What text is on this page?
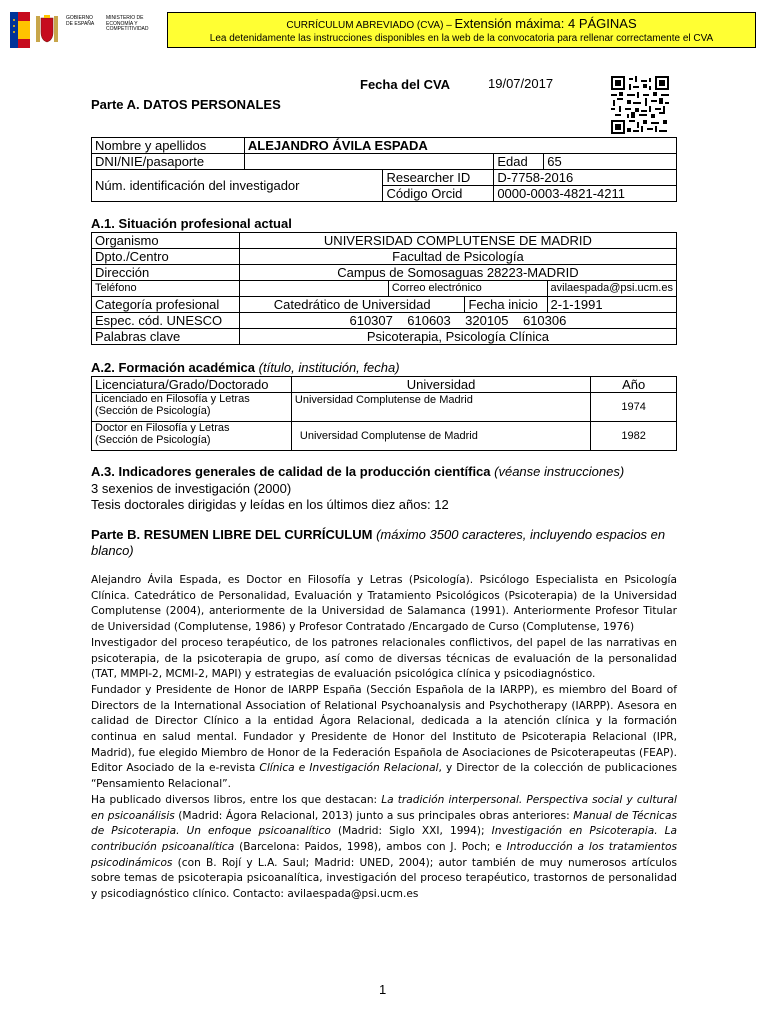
GOBIERNO DE ESPAÑA
MINISTERIO DE ECONOMÍA Y COMPETITIVIDAD	CURRÍCULUM ABREVIADO (CVA) – Extensión máxima: 4 PÁGINAS
Lea detenidamente las instrucciones disponibles en la web de la convocatoria para rellenar correctamente el CVA
Fecha del CVA	19/07/2017
Parte A. DATOS PERSONALES
Nombre y apellidos	ALEJANDRO ÁVILA ESPADA			
DNI/NIE/pasaporte			Edad	65
Núm. identificación del investigador		Researcher ID	D-7758-2016	
		Código Orcid	0000-0003-4821-4211	
A.1. Situación profesional actual
Organismo	UNIVERSIDAD COMPLUTENSE DE MADRID			
Dpto./Centro	Facultad de Psicología			
Dirección	Campus de Somosaguas 28223-MADRID			
Teléfono		Correo electrónico		avilaespada@psi.ucm.es
Categoría profesional	Catedrático de Universidad		Fecha inicio	2-1-1991
Espec. cód. UNESCO	610307    610603    320105    610306			
Palabras clave	Psicoterapia, Psicología Clínica			
A.2. Formación académica (título, institución, fecha)
Licenciatura/Grado/Doctorado	Universidad	Año

Licenciado en Filosofía y Letras
(Sección de Psicología)	Universidad Complutense de Madrid	1974

Doctor en Filosofía y Letras
(Sección de Psicología)	Universidad Complutense de Madrid	1982
A.3. Indicadores generales de calidad de la producción científica (véanse instrucciones)
3 sexenios de investigación (2000)
Tesis doctorales dirigidas y leídas en los últimos diez años: 12
Parte B. RESUMEN LIBRE DEL CURRÍCULUM (máximo 3500 caracteres, incluyendo espacios en blanco)

Alejandro Ávila Espada, es Doctor en Filosofía y Letras (Psicología). Psicólogo Especialista en Psicología Clínica. Catedrático de Personalidad, Evaluación y Tratamiento Psicológicos (Psicoterapia) de la Universidad Complutense (2004), anteriormente de la Universidad de Salamanca (1991). Anteriormente Profesor Titular de Universidad (Complutense, 1986) y Profesor Contratado /Encargado de Curso (Complutense, 1976)

Investigador del proceso terapéutico, de los patrones relacionales conflictivos, del papel de las narrativas en psicoterapia, de la psicoterapia de grupo, así como de diversas técnicas de evaluación de la personalidad (TAT, MMPI-2, MCMI-2, MAPI) y estrategias de evaluación psicológica clínica y psicodiagnóstico.

Fundador y Presidente de Honor de IARPP España (Sección Española de la IARPP), es miembro del Board of Directors de la International Association of Relational Psychoanalysis and Psychotherapy (IARPP). Asesora en calidad de Director Clínico a la entidad Ágora Relacional, dedicada a la atención clínica y la formación continua en salud mental. Fundador y Presidente de Honor del Instituto de Psicoterapia Relacional (IPR, Madrid), fue elegido Miembro de Honor de la Federación Española de Asociaciones de Psicoterapeutas (FEAP). Editor Asociado de la e-revista Clínica e Investigación Relacional, y Director de la colección de publicaciones “Pensamiento Relacional”.

Ha publicado diversos libros, entre los que destacan: La tradición interpersonal. Perspectiva social y cultural en psicoanálisis (Madrid: Ágora Relacional, 2013) junto a sus principales obras anteriores: Manual de Técnicas de Psicoterapia. Un enfoque psicoanalítico (Madrid: Siglo XXI, 1994); Investigación en Psicoterapia. La contribución psicoanalítica (Barcelona: Paidos, 1998), ambos con J. Poch; e Introducción a los tratamientos psicodinámicos (con B. Rojí y L.A. Saul; Madrid: UNED, 2004); autor también de muy numerosos artículos sobre temas de psicoterapia psicoanalítica, investigación del proceso terapéutico, trastornos de personalidad y psicodiagnóstico clínico. Contacto: avilaespada@psi.ucm.es

1
